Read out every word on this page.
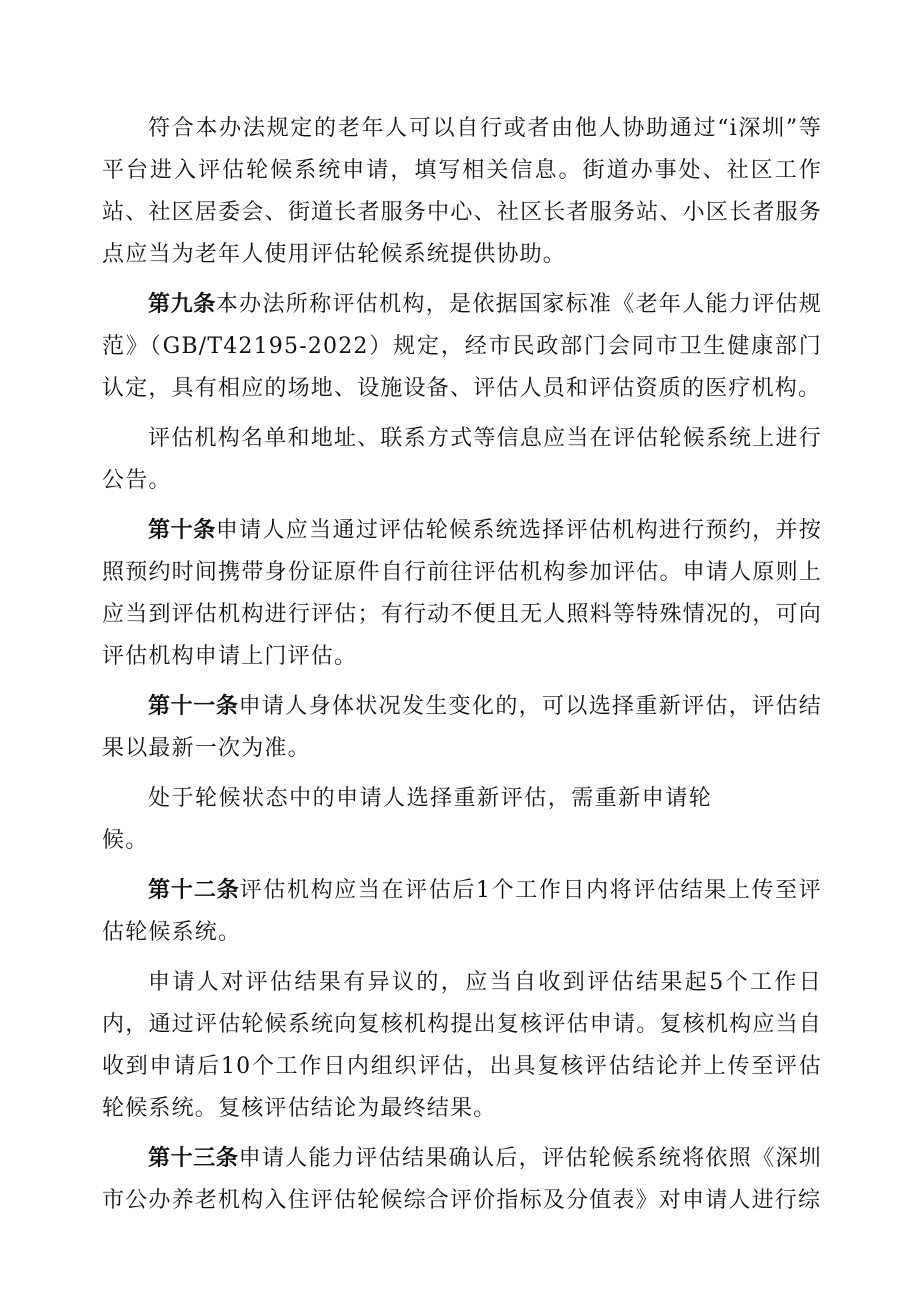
符合本办法规定的老年人可以自行或者由他人协助通过“i深圳”等平台进入评估轮候系统申请，填写相关信息。街道办事处、社区工作站、社区居委会、街道长者服务中心、社区长者服务站、小区长者服务点应当为老年人使用评估轮候系统提供协助。

第九条本办法所称评估机构，是依据国家标准《老年人能力评估规范》（GB/T42195-2022）规定，经市民政部门会同市卫生健康部门认定，具有相应的场地、设施设备、评估人员和评估资质的医疗机构。

评估机构名单和地址、联系方式等信息应当在评估轮候系统上进行公告。

第十条申请人应当通过评估轮候系统选择评估机构进行预约，并按照预约时间携带身份证原件自行前往评估机构参加评估。申请人原则上应当到评估机构进行评估；有行动不便且无人照料等特殊情况的，可向评估机构申请上门评估。

第十一条申请人身体状况发生变化的，可以选择重新评估，评估结果以最新一次为准。

处于轮候状态中的申请人选择重新评估，需重新申请轮候。

第十二条评估机构应当在评估后1个工作日内将评估结果上传至评估轮候系统。

申请人对评估结果有异议的，应当自收到评估结果起5个工作日内，通过评估轮候系统向复核机构提出复核评估申请。复核机构应当自收到申请后10个工作日内组织评估，出具复核评估结论并上传至评估轮候系统。复核评估结论为最终结果。

第十三条申请人能力评估结果确认后，评估轮候系统将依照《深圳市公办养老机构入住评估轮候综合评价指标及分值表》对申请人进行综
